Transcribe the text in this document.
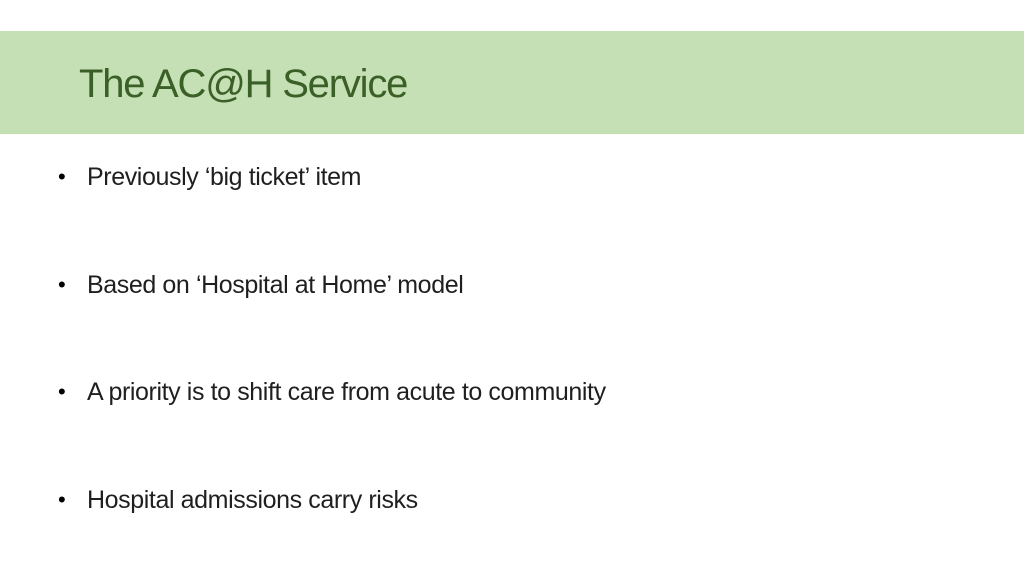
The AC@H Service
• Previously ‘big ticket’ item
• Based on ‘Hospital at Home’ model
• A priority is to shift care from acute to community
• Hospital admissions carry risks
